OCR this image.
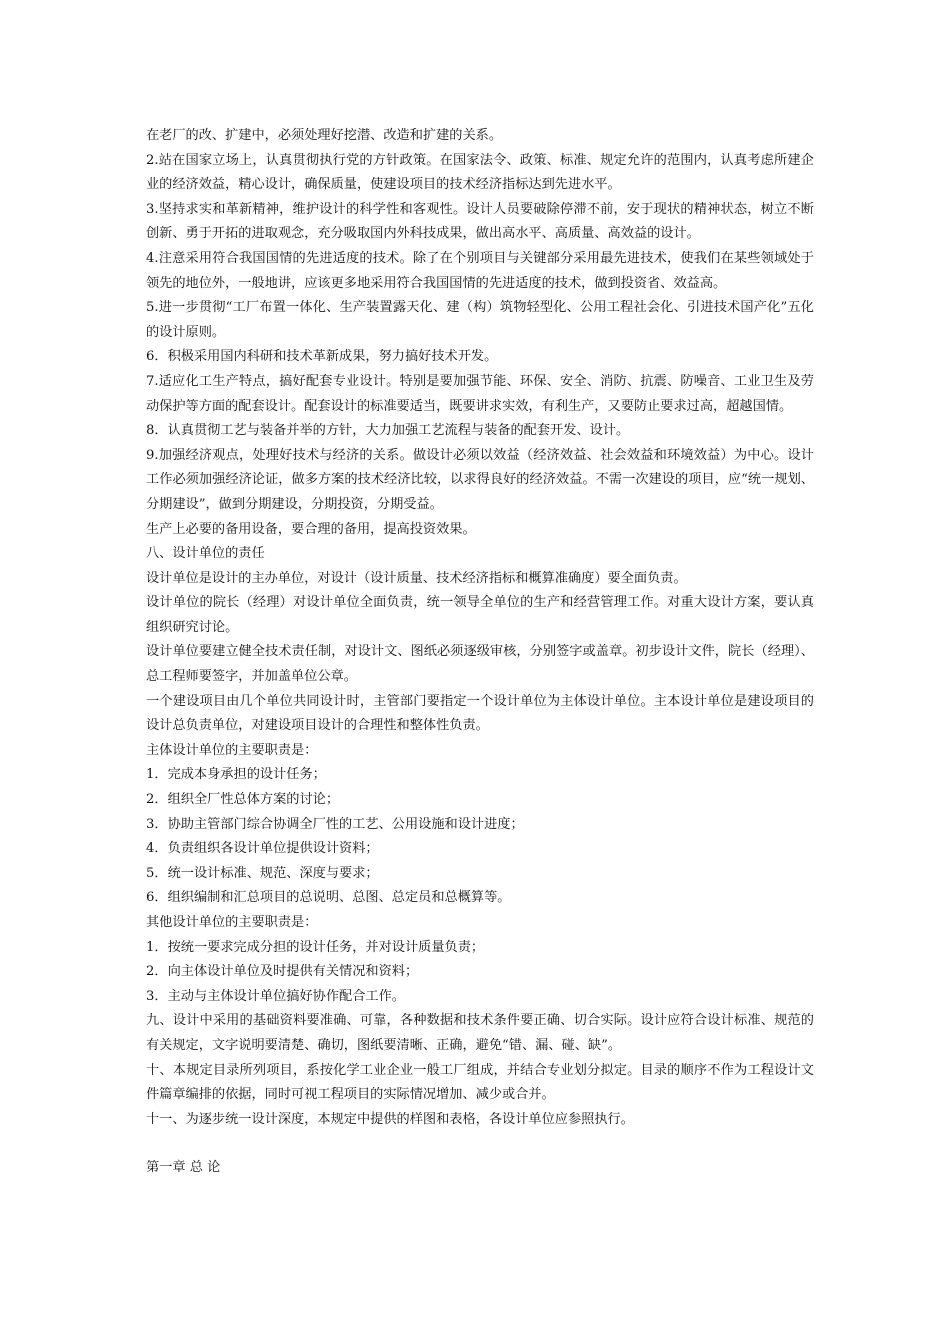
在老厂的改、扩建中，必须处理好挖潜、改造和扩建的关系。

2.站在国家立场上，认真贯彻执行党的方针政策。在国家法令、政策、标准、规定允许的范围内，认真考虑所建企业的经济效益，精心设计，确保质量，使建设项目的技术经济指标达到先进水平。

3.坚持求实和革新精神，维护设计的科学性和客观性。设计人员要破除停滞不前，安于现状的精神状态，树立不断创新、勇于开拓的进取观念，充分吸取国内外科技成果，做出高水平、高质量、高效益的设计。

4.注意采用符合我国国情的先进适度的技术。除了在个别项目与关键部分采用最先进技术，使我们在某些领域处于领先的地位外，一般地讲，应该更多地采用符合我国国情的先进适度的技术，做到投资省、效益高。

5.进一步贯彻“工厂布置一体化、生产装置露天化、建（构）筑物轻型化、公用工程社会化、引进技术国产化”五化的设计原则。

6．积极采用国内科研和技术革新成果，努力搞好技术开发。

7.适应化工生产特点，搞好配套专业设计。特别是要加强节能、环保、安全、消防、抗震、防噪音、工业卫生及劳动保护等方面的配套设计。配套设计的标准要适当，既要讲求实效，有利生产，又要防止要求过高，超越国情。

8．认真贯彻工艺与装备并举的方针，大力加强工艺流程与装备的配套开发、设计。

9.加强经济观点，处理好技术与经济的关系。做设计必须以效益（经济效益、社会效益和环境效益）为中心。设计工作必须加强经济论证，做多方案的技术经济比较，以求得良好的经济效益。不需一次建设的项目，应“统一规划、分期建设”，做到分期建设，分期投资，分期受益。

生产上必要的备用设备，要合理的备用，提高投资效果。

八、设计单位的责任

设计单位是设计的主办单位，对设计（设计质量、技术经济指标和概算准确度）要全面负责。

设计单位的院长（经理）对设计单位全面负责，统一领导全单位的生产和经营管理工作。对重大设计方案，要认真组织研究讨论。

设计单位要建立健全技术责任制，对设计文、图纸必须逐级审核，分别签字或盖章。初步设计文件，院长（经理）、总工程师要签字，并加盖单位公章。

一个建设项目由几个单位共同设计时，主管部门要指定一个设计单位为主体设计单位。主本设计单位是建设项目的设计总负责单位，对建设项目设计的合理性和整体性负责。

主体设计单位的主要职责是：

1．完成本身承担的设计任务；

2．组织全厂性总体方案的讨论；

3．协助主管部门综合协调全厂性的工艺、公用设施和设计进度；

4．负责组织各设计单位提供设计资料；

5．统一设计标准、规范、深度与要求；

6．组织编制和汇总项目的总说明、总图、总定员和总概算等。

其他设计单位的主要职责是：

1．按统一要求完成分担的设计任务，并对设计质量负责；

2．向主体设计单位及时提供有关情况和资料；

3．主动与主体设计单位搞好协作配合工作。

九、设计中采用的基础资料要准确、可靠，各种数据和技术条件要正确、切合实际。设计应符合设计标准、规范的有关规定，文字说明要清楚、确切，图纸要清晰、正确，避免“错、漏、碰、缺”。

十、本规定目录所列项目，系按化学工业企业一般工厂组成，并结合专业划分拟定。目录的顺序不作为工程设计文件篇章编排的依据，同时可视工程项目的实际情况增加、减少或合并。

十一、为逐步统一设计深度，本规定中提供的样图和表格，各设计单位应参照执行。

第一章 总 论
